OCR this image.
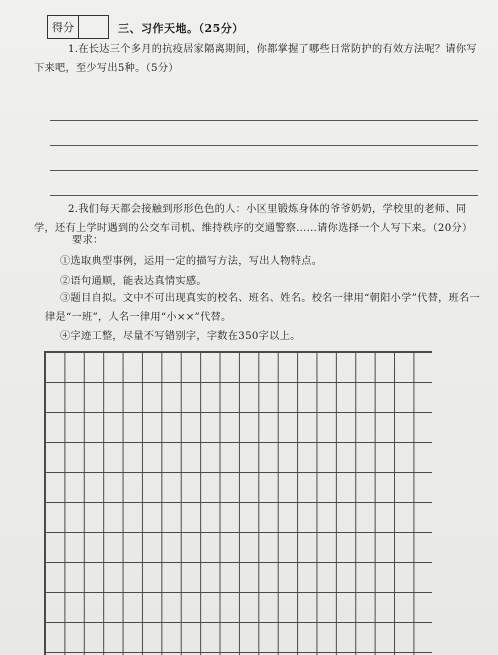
得分	三、习作天地。（25分）
1.在长达三个多月的抗疫居家隔离期间，你都掌握了哪些日常防护的有效方法呢？请你写下来吧，至少写出5种。（5分）
2.我们每天都会接触到形形色色的人：小区里锻炼身体的爷爷奶奶，学校里的老师、同学，还有上学时遇到的公交车司机、维持秩序的交通警察……请你选择一个人写下来。（20分）
要求：
①选取典型事例，运用一定的描写方法，写出人物特点。
②语句通顺，能表达真情实感。
③题目自拟。文中不可出现真实的校名、班名、姓名。校名一律用“朝阳小学”代替，班名一律是“一班”，人名一律用“小××”代替。
④字迹工整，尽量不写错别字，字数在350字以上。
